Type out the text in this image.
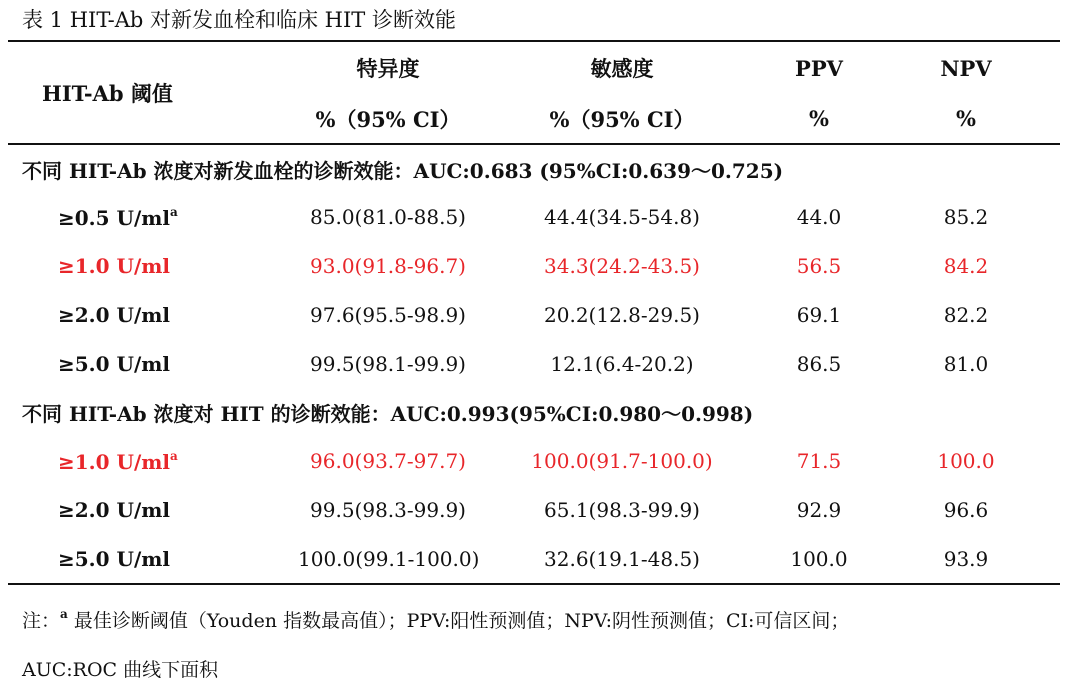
表 1 HIT-Ab 对新发血栓和临床 HIT 诊断效能
HIT-Ab 阈值	特异度	敏感度	PPV	NPV
	%（95% CI）	%（95% CI）	%	%
不同 HIT-Ab 浓度对新发血栓的诊断效能：AUC:0.683 (95%CI:0.639～0.725)				
≥0.5 $U/ml^a$	85.0(81.0-88.5)	44.4(34.5-54.8)	44.0	85.2
≥1.0 U/ml	93.0(91.8-96.7)	34.3(24.2-43.5)	56.5	84.2
≥2.0 U/ml	97.6(95.5-98.9)	20.2(12.8-29.5)	69.1	82.2
≥5.0 U/ml	99.5(98.1-99.9)	12.1(6.4-20.2)	86.5	81.0
不同 HIT-Ab 浓度对 HIT 的诊断效能：AUC:0.993(95%CI:0.980～0.998)				
≥1.0 $U/ml^a$	96.0(93.7-97.7)	100.0(91.7-100.0)	71.5	100.0
≥2.0 U/ml	99.5(98.3-99.9)	65.1(98.3-99.9)	92.9	96.6
≥5.0 U/ml	100.0(99.1-100.0)	32.6(19.1-48.5)	100.0	93.9
注：$^a$ 最佳诊断阈值（Youden 指数最高值）；PPV:阳性预测值；NPV:阴性预测值；CI:可信区间；
AUC:ROC 曲线下面积
